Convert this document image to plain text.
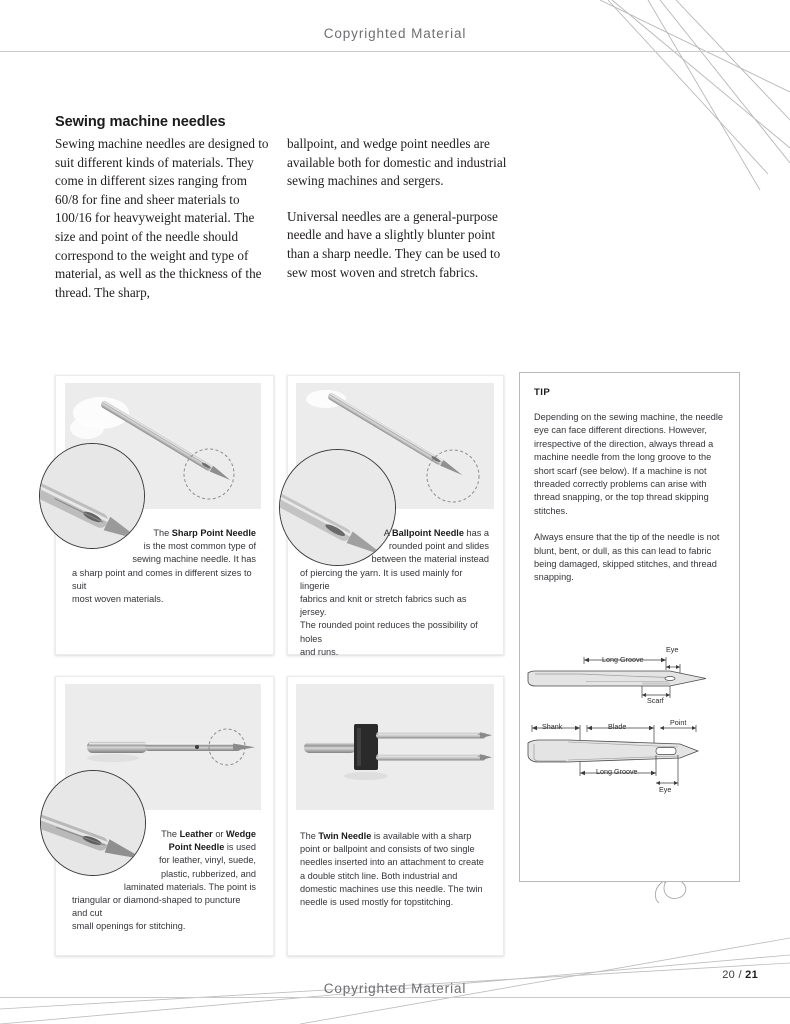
Copyrighted Material
Sewing machine needles

Sewing machine needles are designed to suit different kinds of materials. They come in different sizes ranging from 60/8 for fine and sheer materials to 100/16 for heavyweight material. The size and point of the needle should correspond to the weight and type of material, as well as the thickness of the thread. The sharp,

ballpoint, and wedge point needles are available both for domestic and industrial sewing machines and sergers.

Universal needles are a general-purpose needle and have a slightly blunter point than a sharp needle. They can be used to sew most woven and stretch fabrics.

The Sharp Point Needle
is the most common type of
sewing machine needle. It has
a sharp point and comes in different sizes to suit
most woven materials.
A Ballpoint Needle has a
rounded point and slides
between the material instead
of piercing the yarn. It is used mainly for lingerie
fabrics and knit or stretch fabrics such as jersey.
The rounded point reduces the possibility of holes
and runs.
The Leather or Wedge
Point Needle is used
for leather, vinyl, suede,
plastic, rubberized, and
laminated materials. The point is
triangular or diamond-shaped to puncture and cut
small openings for stitching.

The Twin Needle is available with a sharp point or ballpoint and consists of two single needles inserted into an attachment to create a double stitch line. Both industrial and domestic machines use this needle. The twin needle is used mostly for topstitching.

TIP

Depending on the sewing machine, the needle eye can face different directions. However, irrespective of the direction, always thread a machine needle from the long groove to the short scarf (see below). If a machine is not threaded correctly problems can arise with thread snapping, or the top thread skipping stitches.

Always ensure that the tip of the needle is not blunt, bent, or dull, as this can lead to fabric being damaged, skipped stitches, and thread snapping.

Long Groove
Eye
Scarf
Shank	Blade	Point
Long Groove
Eye
Copyrighted Material
20 / 21
